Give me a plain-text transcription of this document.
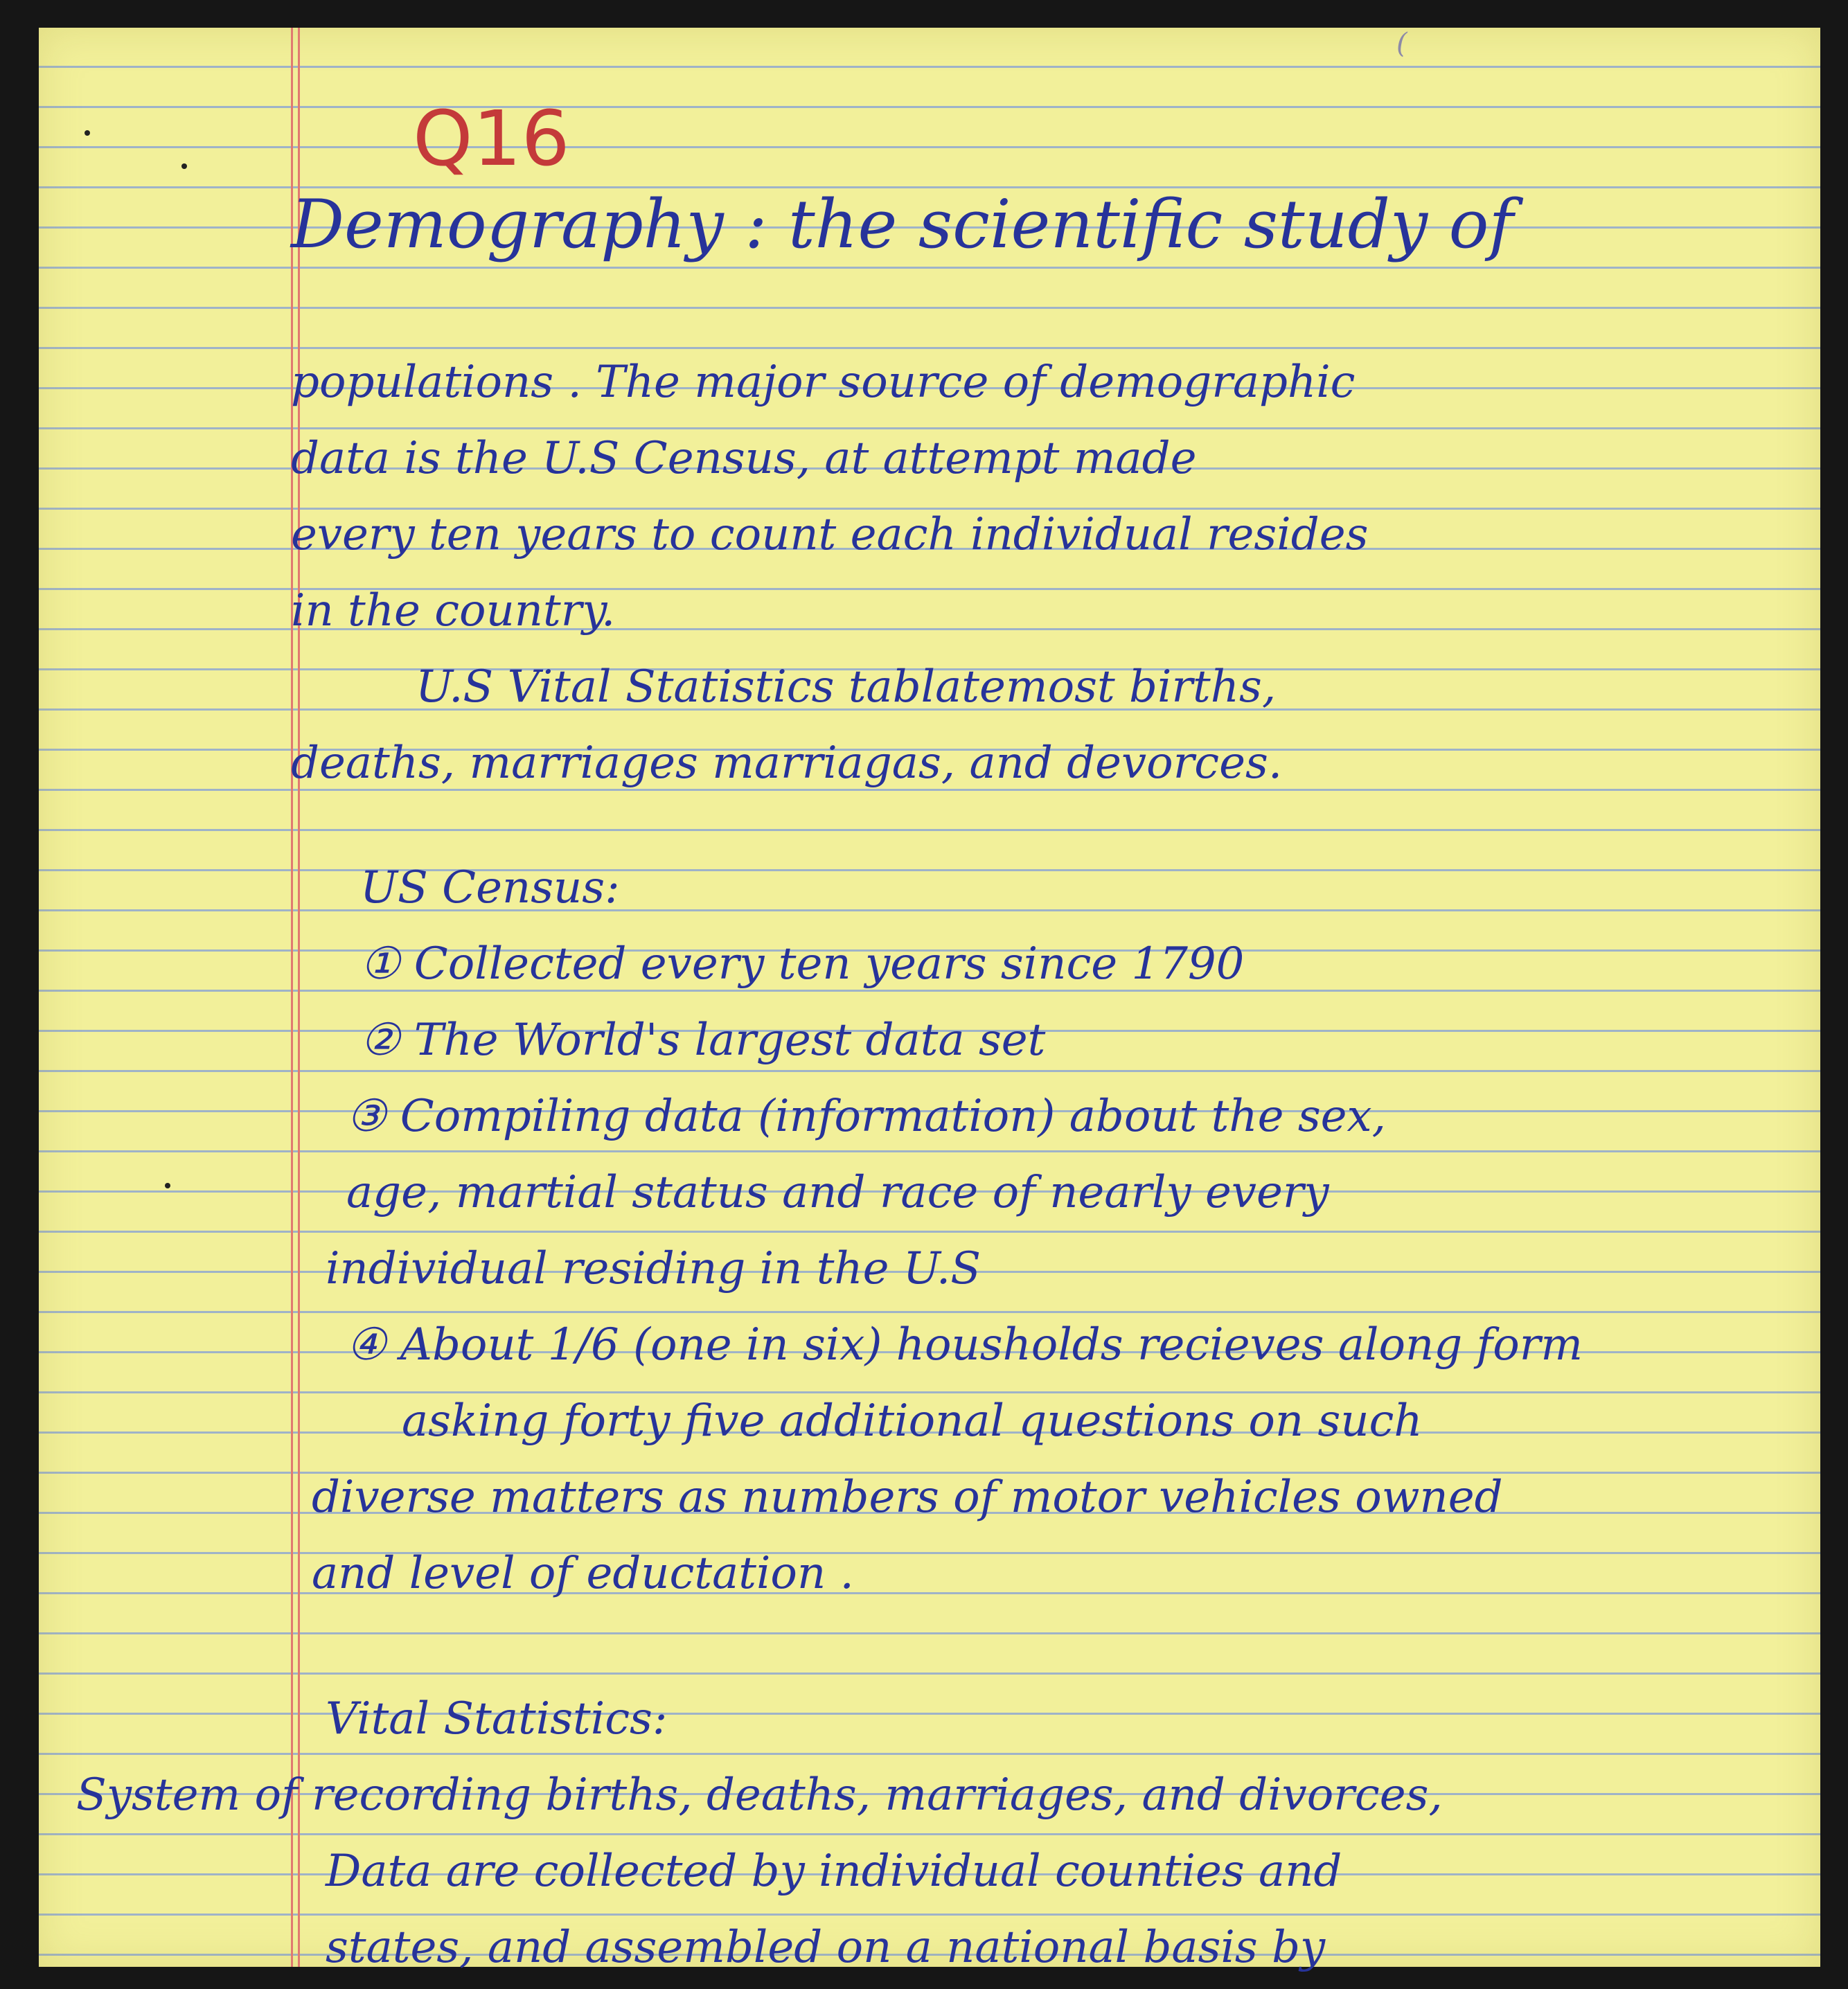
(
Q16
Demography : the scientific study of
populations . The major source of demographic
data is the U.S Census, at attempt made
every ten years to count each individual resides
in the country.
U.S Vital Statistics tablatemost births,
deaths, marriages marriagas, and devorces.
US Census:
① Collected every ten years since 1790
② The World's largest data set
③ Compiling data (information) about the sex,
age, martial status and race of nearly every
individual residing in the U.S
④ About 1/6 (one in six) housholds recieves along form
asking forty five additional questions on such
diverse matters as numbers of motor vehicles owned
and level of eductation .
Vital Statistics:
System of recording births, deaths, marriages, and divorces,
Data are collected by individual counties and
states, and assembled on a national basis by
